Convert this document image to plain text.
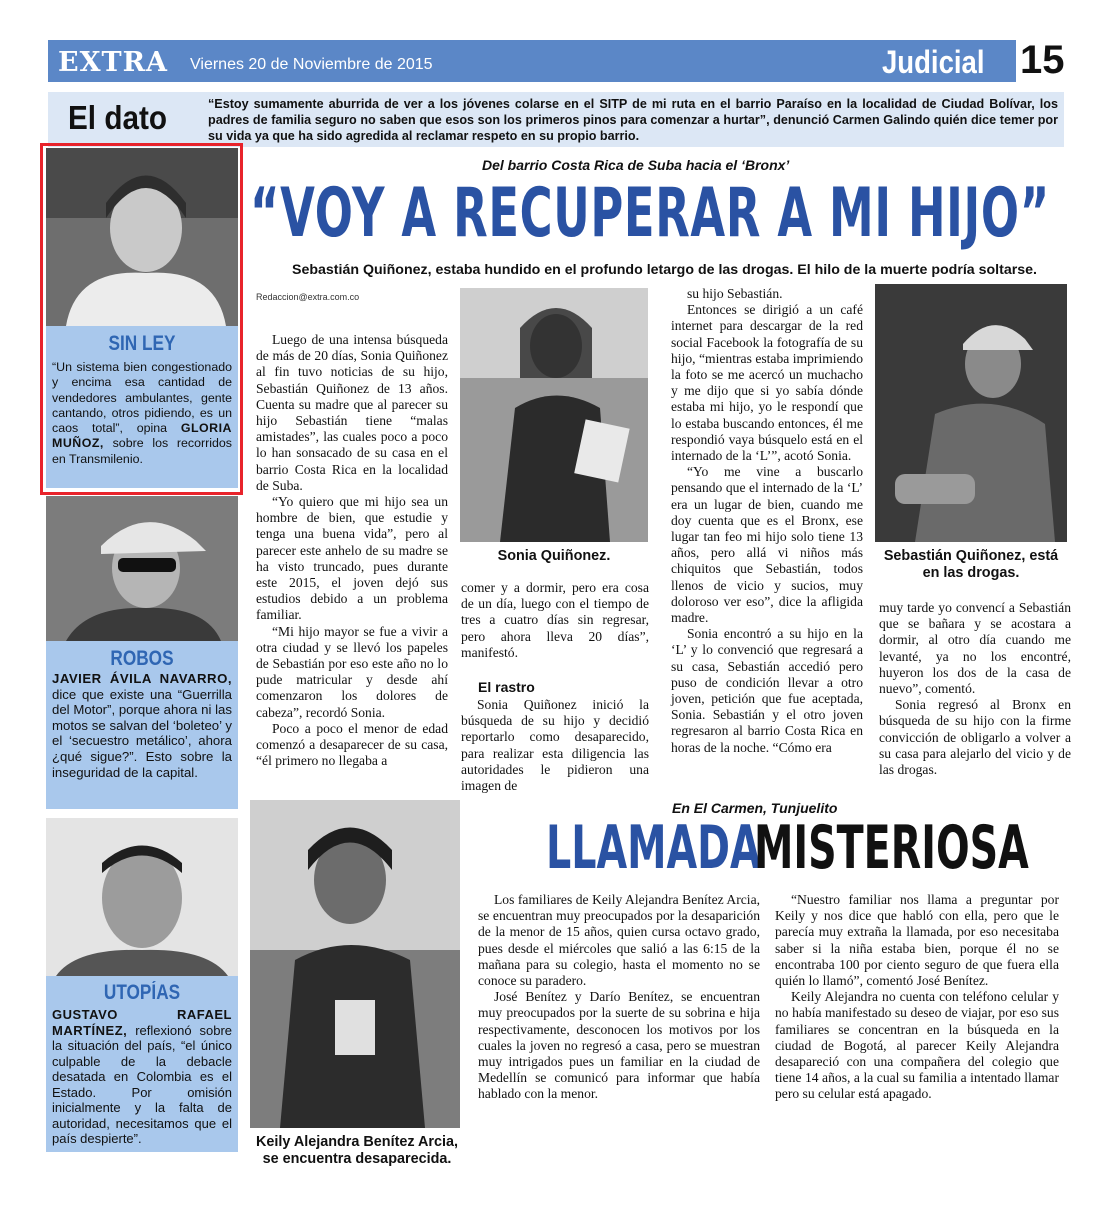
EXTRA Viernes 20 de Noviembre de 2015	Judicial 15
El dato	“Estoy sumamente aburrida de ver a los jóvenes colarse en el SITP de mi ruta en el barrio Paraíso en la localidad de Ciudad Bolívar, los padres de familia seguro no saben que esos son los primeros pinos para comenzar a hurtar”, denunció Carmen Galindo quién dice temer por su vida ya que ha sido agredida al reclamar respeto en su propio barrio.
SIN LEY
“Un sistema bien congestionado y encima esa cantidad de vendedores ambulantes, gente cantando, otros pidiendo, es un caos total”, opina GLORIA MUÑOZ, sobre los recorridos en Transmilenio.
ROBOS
JAVIER ÁVILA NAVARRO, dice que existe una “Guerrilla del Motor”, porque ahora ni las motos se salvan del ‘boleteo’ y el ‘secuestro metálico’, ahora ¿qué sigue?”. Esto sobre la inseguridad de la capital.
UTOPÍAS
GUSTAVO RAFAEL MARTÍNEZ, reflexionó sobre la situación del país, “el único culpable de la debacle desatada en Colombia es el Estado. Por omisión inicialmente y la falta de autoridad, necesitamos que el país despierte”.
Del barrio Costa Rica de Suba hacia el ‘Bronx’
“VOY A RECUPERAR A MI HIJO”
Sebastián Quiñonez, estaba hundido en el profundo letargo de las drogas. El hilo de la muerte podría soltarse.
Redaccion@extra.com.co

Luego de una intensa búsqueda de más de 20 días, Sonia Quiñonez al fin tuvo noticias de su hijo, Sebastián Quiñonez de 13 años. Cuenta su madre que al parecer su hijo Sebastián tiene “malas amistades”, las cuales poco a poco lo han sonsacado de su casa en el barrio Costa Rica en la localidad de Suba.

“Yo quiero que mi hijo sea un hombre de bien, que estudie y tenga una buena vida”, pero al parecer este anhelo de su madre se ha visto truncado, pues durante este 2015, el joven dejó sus estudios debido a un problema familiar.

“Mi hijo mayor se fue a vivir a otra ciudad y se llevó los papeles de Sebastián por eso este año no lo pude matricular y desde ahí comenzaron los dolores de cabeza”, recordó Sonia.

Poco a poco el menor de edad comenzó a desaparecer de su casa, “él primero no llegaba a

Sonia Quiñonez.

comer y a dormir, pero era cosa de un día, luego con el tiempo de tres a cuatro días sin regresar, pero ahora lleva 20 días”, manifestó.

El rastro

Sonia Quiñonez inició la búsqueda de su hijo y decidió reportarlo como desaparecido, para realizar esta diligencia las autoridades le pidieron una imagen de

su hijo Sebastián.

Entonces se dirigió a un café internet para descargar de la red social Facebook la fotografía de su hijo, “mientras estaba imprimiendo la foto se me acercó un muchacho y me dijo que si yo sabía dónde estaba mi hijo, yo le respondí que lo estaba buscando entonces, él me respondió vaya búsquelo está en el internado de la ‘L’”, acotó Sonia.

“Yo me vine a buscarlo pensando que el internado de la ‘L’ era un lugar de bien, cuando me doy cuenta que es el Bronx, ese lugar tan feo mi hijo solo tiene 13 años, pero allá vi niños más chiquitos que Sebastián, todos llenos de vicio y sucios, muy doloroso ver eso”, dice la afligida madre.

Sonia encontró a su hijo en la ‘L’ y lo convenció que regresará a su casa, Sebastián accedió pero puso de condición llevar a otro joven, petición que fue aceptada, Sonia. Sebastián y el otro joven regresaron al barrio Costa Rica en horas de la noche. “Cómo era

Sebastián Quiñonez, está en las drogas.

muy tarde yo convencí a Sebastián que se bañara y se acostara a dormir, al otro día cuando me levanté, ya no los encontré, huyeron los dos de la casa de nuevo”, comentó.

Sonia regresó al Bronx en búsqueda de su hijo con la firme convicción de obligarlo a volver a su casa para alejarlo del vicio y de las drogas.

Keily Alejandra Benítez Arcia, se encuentra desaparecida.
En El Carmen, Tunjuelito
LLAMADA
MISTERIOSA

Los familiares de Keily Alejandra Benítez Arcia, se encuentran muy preocupados por la desaparición de la menor de 15 años, quien cursa octavo grado, pues desde el miércoles que salió a las 6:15 de la mañana para su colegio, hasta el momento no se conoce su paradero.

José Benítez y Darío Benítez, se encuentran muy preocupados por la suerte de su sobrina e hija respectivamente, desconocen los motivos por los cuales la joven no regresó a casa, pero se muestran muy intrigados pues un familiar en la ciudad de Medellín se comunicó para informar que había hablado con la menor.

“Nuestro familiar nos llama a preguntar por Keily y nos dice que habló con ella, pero que le parecía muy extraña la llamada, por eso necesitaba saber si la niña estaba bien, porque él no se encontraba 100 por ciento seguro de que fuera ella quién lo llamó”, comentó José Benítez.

Keily Alejandra no cuenta con teléfono celular y no había manifestado su deseo de viajar, por eso sus familiares se concentran en la búsqueda en la ciudad de Bogotá, al parecer Keily Alejandra desapareció con una compañera del colegio que tiene 14 años, a la cual su familia a intentado llamar pero su celular está apagado.
